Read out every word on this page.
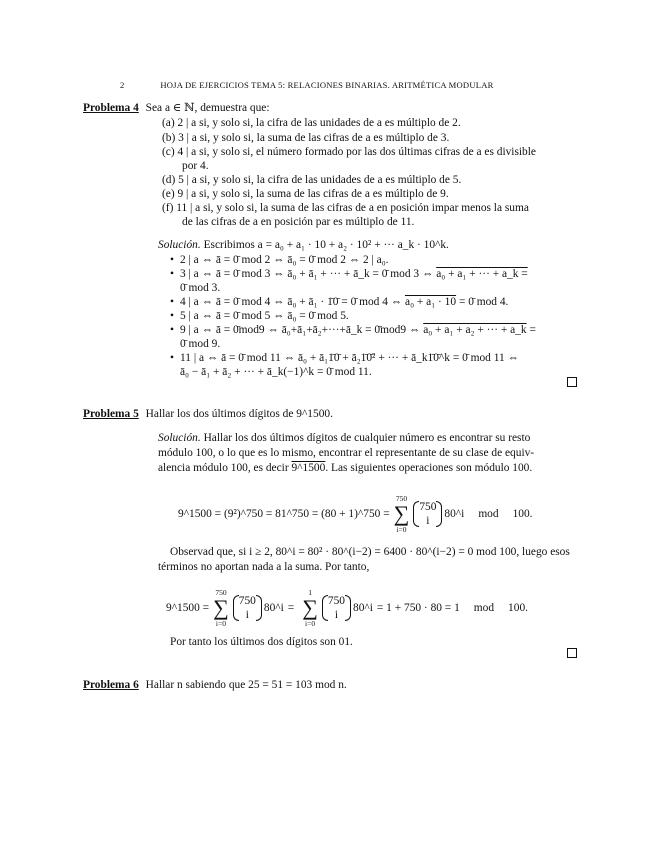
2	HOJA DE EJERCICIOS TEMA 5: RELACIONES BINARIAS. ARITMÉTICA MODULAR
Problema 4 Sea a ∈ ℕ, demuestra que:
(a) 2 | a si, y solo si, la cifra de las unidades de a es múltiplo de 2.
(b) 3 | a si, y solo si, la suma de las cifras de a es múltiplo de 3.
(c) 4 | a si, y solo si, el número formado por las dos últimas cifras de a es divisible
por 4.
(d) 5 | a si, y solo si, la cifra de las unidades de a es múltiplo de 5.
(e) 9 | a si, y solo si, la suma de las cifras de a es múltiplo de 9.
(f) 11 | a si, y solo si, la suma de las cifras de a en posición impar menos la suma
de las cifras de a en posición par es múltiplo de 11.
Solución. Escribimos a = a₀ + a₁ · 10 + a₂ · 10² + ··· a_k · 10^k.
• 2 | a ⇔ ā = 0̄ mod 2 ⇔ ā₀ = 0̄ mod 2 ⇔ 2 | a₀.
• 3 | a ⇔ ā = 0̄ mod 3 ⇔ ā₀ + ā₁ + ··· + ā_k = 0̄ mod 3 ⇔ a₀ + a₁ + ··· + a_k =
0̄ mod 3.
• 4 | a ⇔ ā = 0̄ mod 4 ⇔ ā₀ + ā₁ · 1̄0̄ = 0̄ mod 4 ⇔ a₀ + a₁ · 10 = 0̄ mod 4.
• 5 | a ⇔ ā = 0̄ mod 5 ⇔ ā₀ = 0̄ mod 5.
• 9 | a ⇔ ā = 0̄mod9 ⇔ ā₀+ā₁+ā₂+···+ā_k = 0̄mod9 ⇔ a₀ + a₁ + a₂ + ··· + a_k =
0̄ mod 9.
• 11 | a ⇔ ā = 0̄ mod 11 ⇔ ā₀ + ā₁1̄0̄ + ā₂1̄0̄² + ··· + ā_k1̄0̄^k = 0̄ mod 11 ⇔
ā₀ − ā₁ + ā₂ + ··· + ā_k(−1)^k = 0̄ mod 11.
Problema 5 Hallar los dos últimos dígitos de 9^1500.
Solución. Hallar los dos últimos dígitos de cualquier número es encontrar su resto
módulo 100, o lo que es lo mismo, encontrar el representante de su clase de equiv-
alencia módulo 100, es decir 9^1500. Las siguientes operaciones son módulo 100.
9^1500 = (9²)^750 = 81^750 = (80 + 1)^750 =
750
∑
i=0
750
i
80^i mod 100.
Observad que, si i ≥ 2, 80^i = 80² · 80^(i−2) = 6400 · 80^(i−2) = 0 mod 100, luego esos
términos no aportan nada a la suma. Por tanto,
9^1500 =
750
∑
i=0
750
i
80^i =
1
∑
i=0
750
i
80^i = 1 + 750 · 80 = 1 mod 100.
Por tanto los últimos dos dígitos son 01.
Problema 6 Hallar n sabiendo que 25 = 51 = 103 mod n.
